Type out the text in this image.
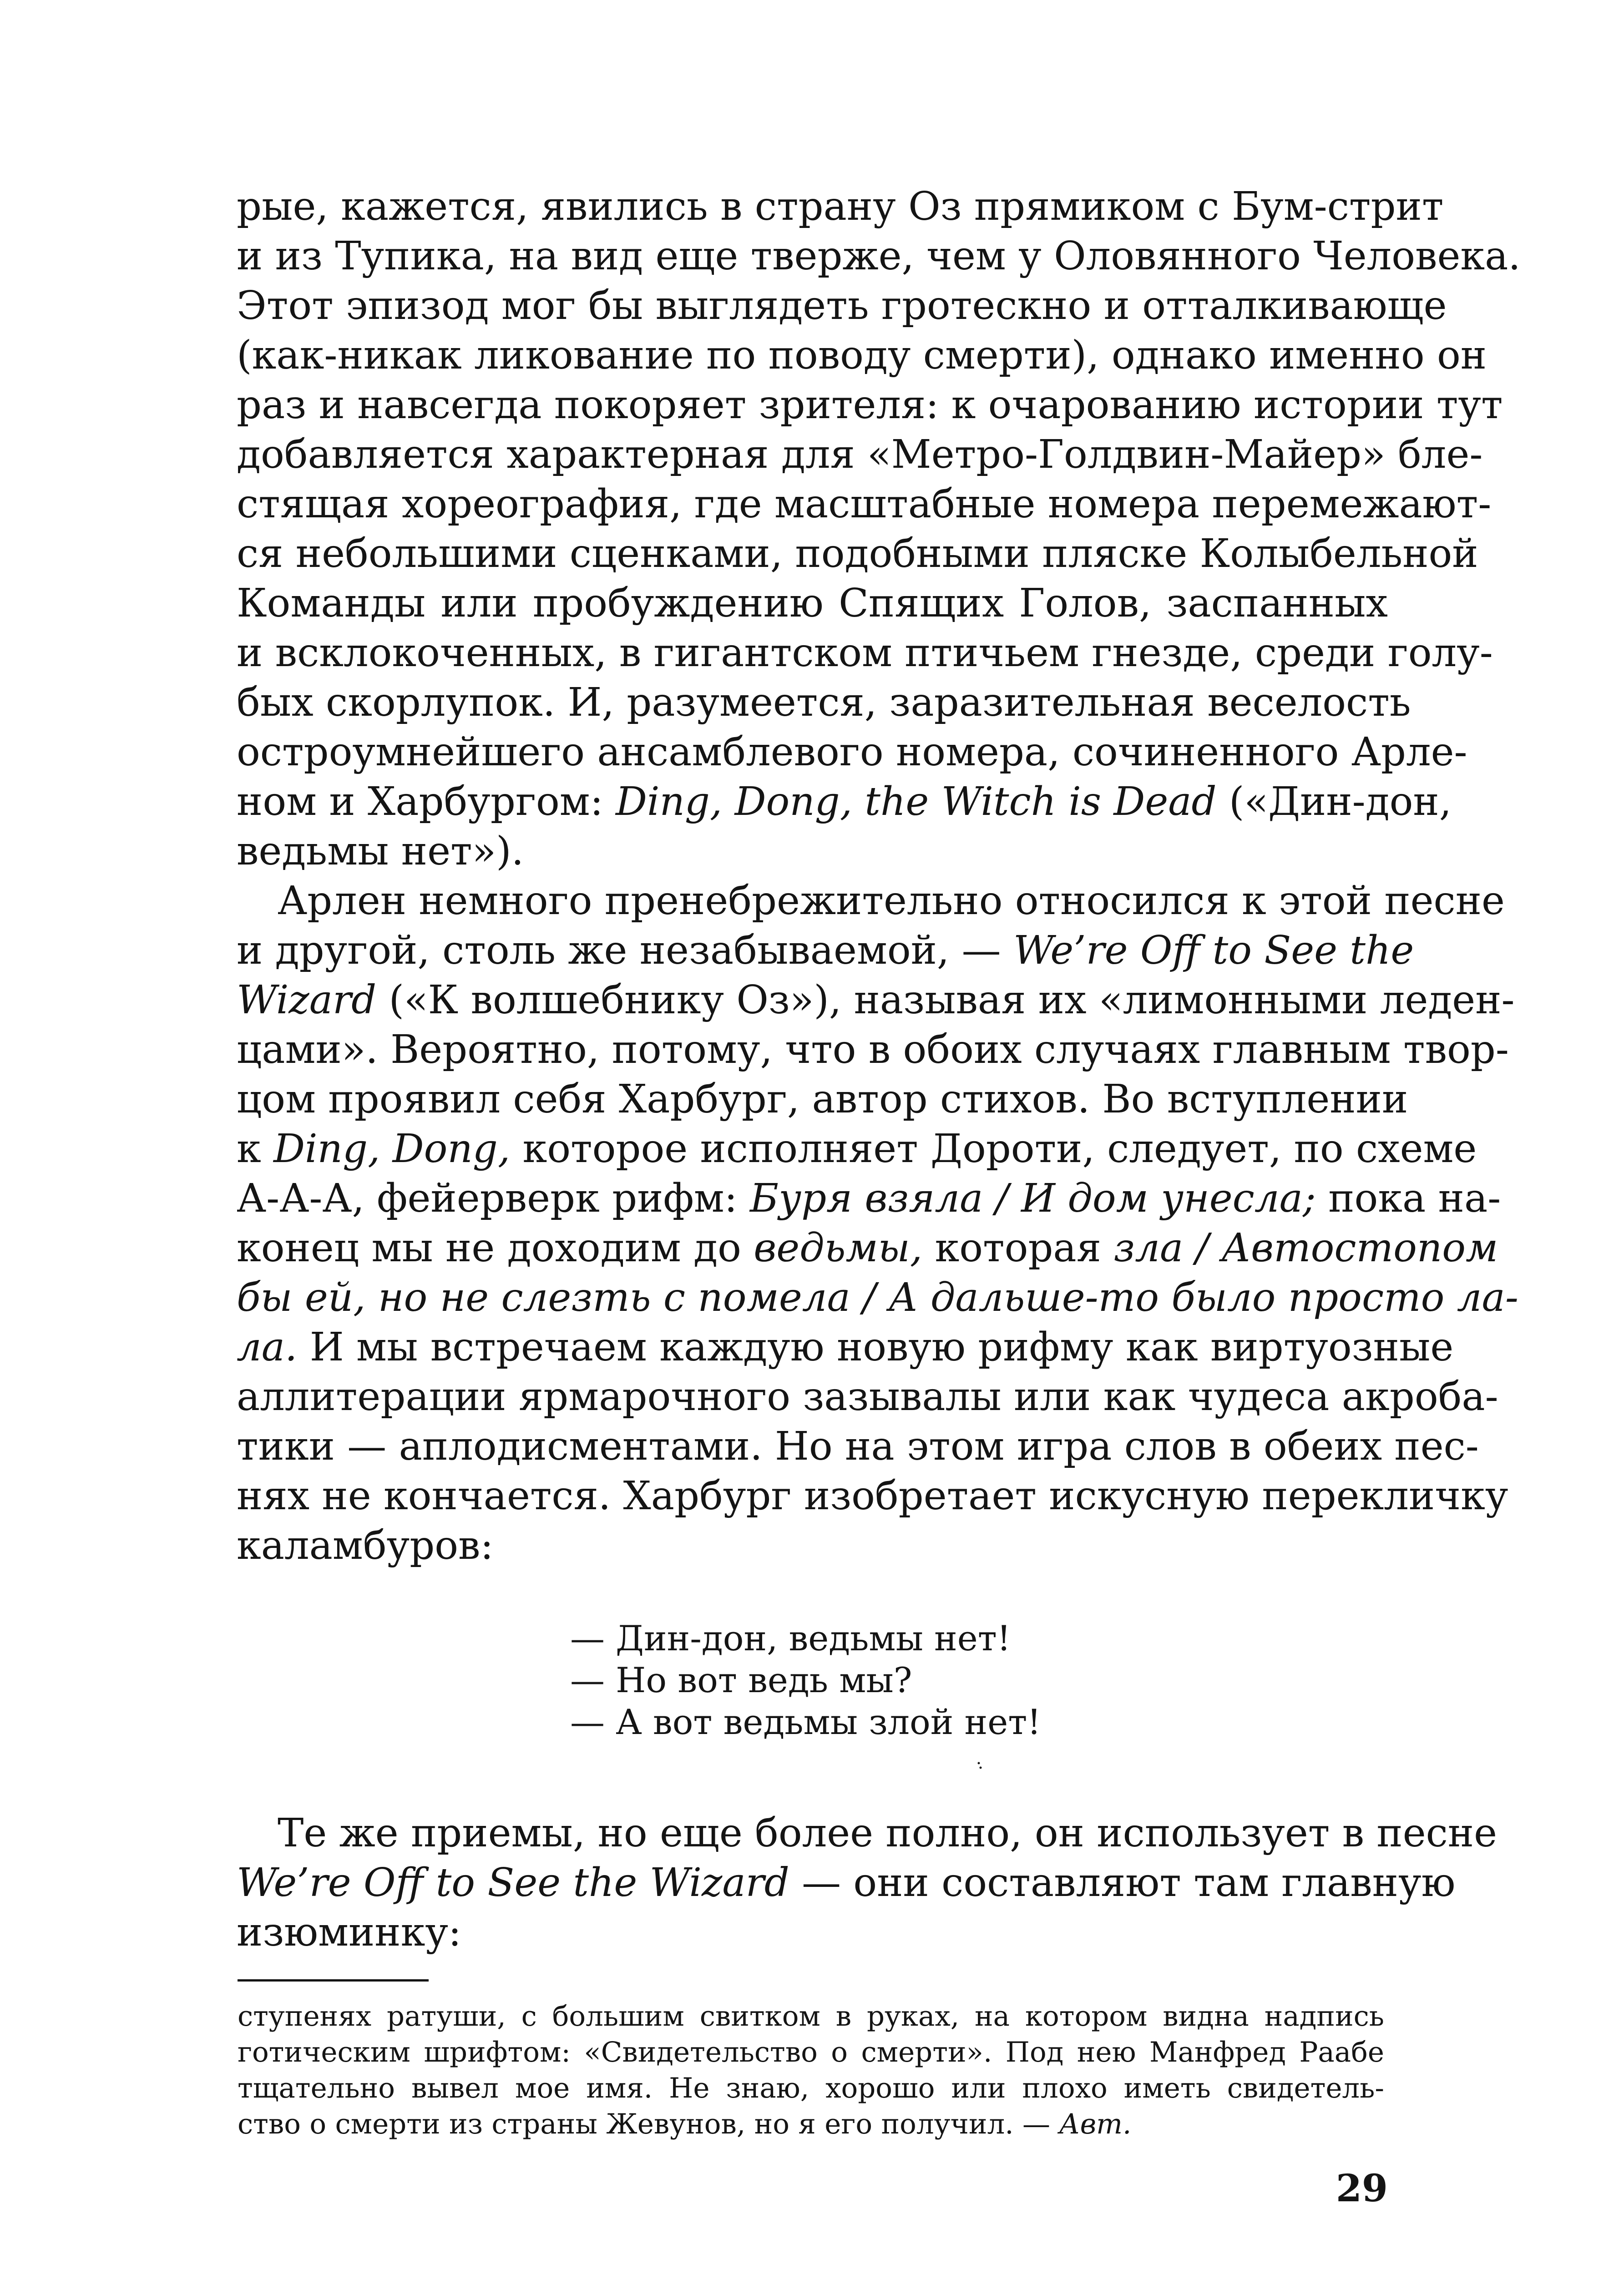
рые, кажется, явились в страну Оз прямиком с Бум-стрит
и из Тупика, на вид еще тверже, чем у Оловянного Человека.
Этот эпизод мог бы выглядеть гротескно и отталкивающе
(как-никак ликование по поводу смерти), однако именно он
раз и навсегда покоряет зрителя: к очарованию истории тут
добавляется характерная для «Метро-Голдвин-Майер» бле-
стящая хореография, где масштабные номера перемежают-
ся небольшими сценками, подобными пляске Колыбельной
Команды или пробуждению Спящих Голов, заспанных
и всклокоченных, в гигантском птичьем гнезде, среди голу-
бых скорлупок. И, разумеется, заразительная веселость
остроумнейшего ансамблевого номера, сочиненного Арле-
ном и Харбургом: Ding, Dong, the Witch is Dead («Дин-дон,
ведьмы нет»).

Арлен немного пренебрежительно относился к этой песне
и другой, столь же незабываемой, — We’re Off to See the
Wizard («К волшебнику Оз»), называя их «лимонными леден-
цами». Вероятно, потому, что в обоих случаях главным твор-
цом проявил себя Харбург, автор стихов. Во вступлении
к Ding, Dong, которое исполняет Дороти, следует, по схеме
А-А-А, фейерверк рифм: Буря взяла / И дом унесла; пока на-
конец мы не доходим до ведьмы, которая зла / Автостопом
бы ей, но не слезть с помела / А дальше-то было просто ла-
ла. И мы встречаем каждую новую рифму как виртуозные
аллитерации ярмарочного зазывалы или как чудеса акроба-
тики — аплодисментами. Но на этом игра слов в обеих пес-
нях не кончается. Харбург изобретает искусную перекличку
каламбуров:

— Дин-дон, ведьмы нет!
— Но вот ведь мы?
— А вот ведьмы злой нет!

Те же приемы, но еще более полно, он использует в песне
We’re Off to See the Wizard — они составляют там главную
изюминку:

ступенях ратуши, с большим свитком в руках, на котором видна надпись
готическим шрифтом: «Свидетельство о смерти». Под нею Манфред Раабе
тщательно вывел мое имя. Не знаю, хорошо или плохо иметь свидетель-
ство о смерти из страны Жевунов, но я его получил. — Авт.
29
